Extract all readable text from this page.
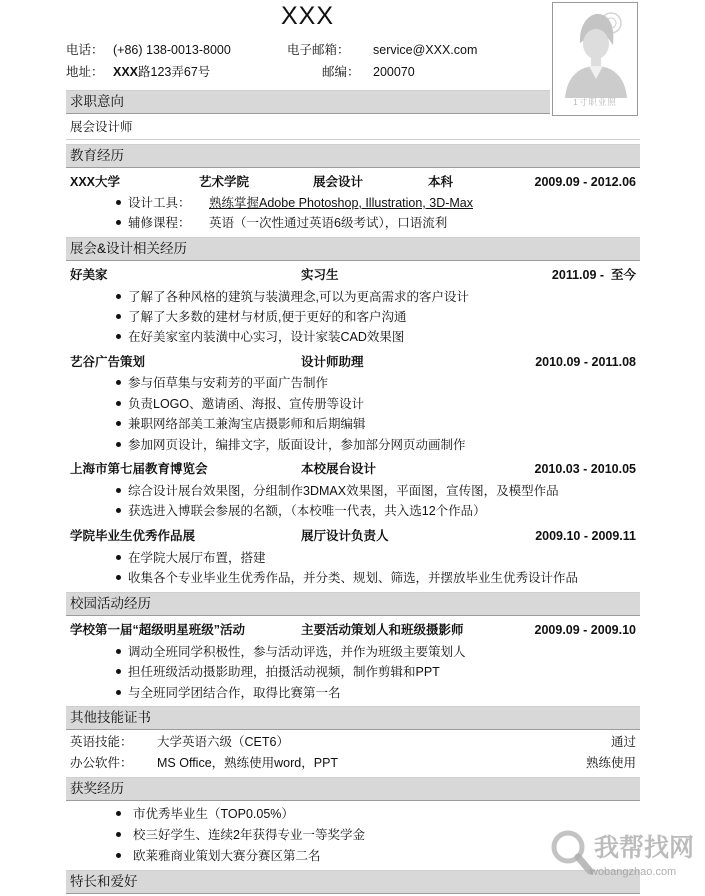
XXX
电话： (+86) 138-0013-8000	电子邮箱： service@XXX.com
地址： XXX路123弄67号	邮编： 200070
1寸职业照
求职意向
展会设计师
教育经历
XXX大学	艺术学院	展会设计	本科	2009.09 - 2012.06
设计工具： 熟练掌握Adobe Photoshop, Illustration, 3D-Max
辅修课程： 英语（一次性通过英语6级考试），口语流利
展会&设计相关经历
好美家	实习生	2011.09 -  至今
了解了各种风格的建筑与装潢理念,可以为更高需求的客户设计
了解了大多数的建材与材质,便于更好的和客户沟通
在好美家室内装潢中心实习，设计家装CAD效果图
艺谷广告策划	设计师助理	2010.09 - 2011.08
参与佰草集与安莉芳的平面广告制作
负责LOGO、邀请函、海报、宣传册等设计
兼职网络部美工兼淘宝店摄影师和后期编辑
参加网页设计，编排文字，版面设计，参加部分网页动画制作
上海市第七届教育博览会	本校展台设计	2010.03 - 2010.05
综合设计展台效果图，分组制作3DMAX效果图，平面图，宣传图，及模型作品
获选进入博联会参展的名额，（本校唯一代表，共入选12个作品）
学院毕业生优秀作品展	展厅设计负责人	2009.10 - 2009.11
在学院大展厅布置，搭建
收集各个专业毕业生优秀作品，并分类、规划、筛选，并摆放毕业生优秀设计作品
校园活动经历
学校第一届“超级明星班级”活动	主要活动策划人和班级摄影师	2009.09 - 2009.10
调动全班同学积极性，参与活动评选，并作为班级主要策划人
担任班级活动摄影助理，拍摄活动视频，制作剪辑和PPT
与全班同学团结合作，取得比赛第一名
其他技能证书
英语技能： 大学英语六级（CET6）	通过
办公软件： MS Office，熟练使用word，PPT	熟练使用
获奖经历
市优秀毕业生（TOP0.05%）
校三好学生、连续2年获得专业一等奖学金
欧莱雅商业策划大赛分赛区第二名
特长和爱好
我帮找网
wobangzhao.com
